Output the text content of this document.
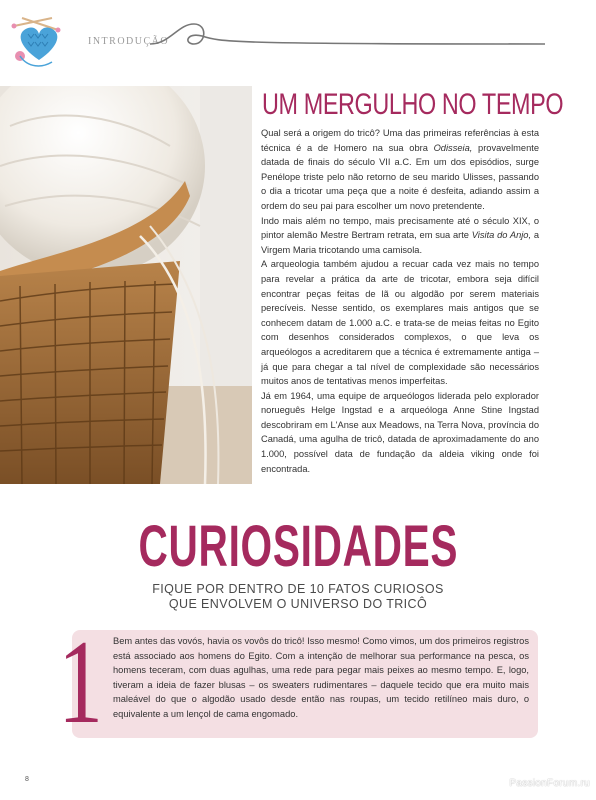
INTRODUÇÃO
UM MERGULHO NO TEMPO

Qual será a origem do tricô? Uma das primeiras referências à esta técnica é a de Homero na sua obra Odisseia, provavelmente datada de finais do século VII a.C. Em um dos episódios, surge Penélope triste pelo não retorno de seu marido Ulisses, passando o dia a tricotar uma peça que a noite é desfeita, adiando assim a ordem do seu pai para escolher um novo pretendente.

Indo mais além no tempo, mais precisamente até o século XIX, o pintor alemão Mestre Bertram retrata, em sua arte Visita do Anjo, a Virgem Maria tricotando uma camisola.

A arqueologia também ajudou a recuar cada vez mais no tempo para revelar a prática da arte de tricotar, embora seja difícil encontrar peças feitas de lã ou algodão por serem materiais perecíveis. Nesse sentido, os exemplares mais antigos que se conhecem datam de 1.000 a.C. e trata-se de meias feitas no Egito com desenhos considerados complexos, o que leva os arqueólogos a acreditarem que a técnica é extremamente antiga – já que para chegar a tal nível de complexidade são necessários muitos anos de tentativas menos imperfeitas.

Já em 1964, uma equipe de arqueólogos liderada pelo explorador norueguês Helge Ingstad e a arqueóloga Anne Stine Ingstad descobriram em L'Anse aux Meadows, na Terra Nova, província do Canadá, uma agulha de tricô, datada de aproximadamente do ano 1.000, possível data de fundação da aldeia viking onde foi encontrada.

CURIOSIDADES
FIQUE POR DENTRO DE 10 FATOS CURIOSOS
QUE ENVOLVEM O UNIVERSO DO TRICÔ
1 Bem antes das vovós, havia os vovôs do tricô! Isso mesmo! Como vimos, um dos primeiros registros está associado aos homens do Egito. Com a intenção de melhorar sua performance na pesca, os homens teceram, com duas agulhas, uma rede para pegar mais peixes ao mesmo tempo. E, logo, tiveram a ideia de fazer blusas – os sweaters rudimentares – daquele tecido que era muito mais maleável do que o algodão usado desde então nas roupas, um tecido retilíneo mais duro, o equivalente a um lençol de cama engomado.
8	PassionForum.ru
